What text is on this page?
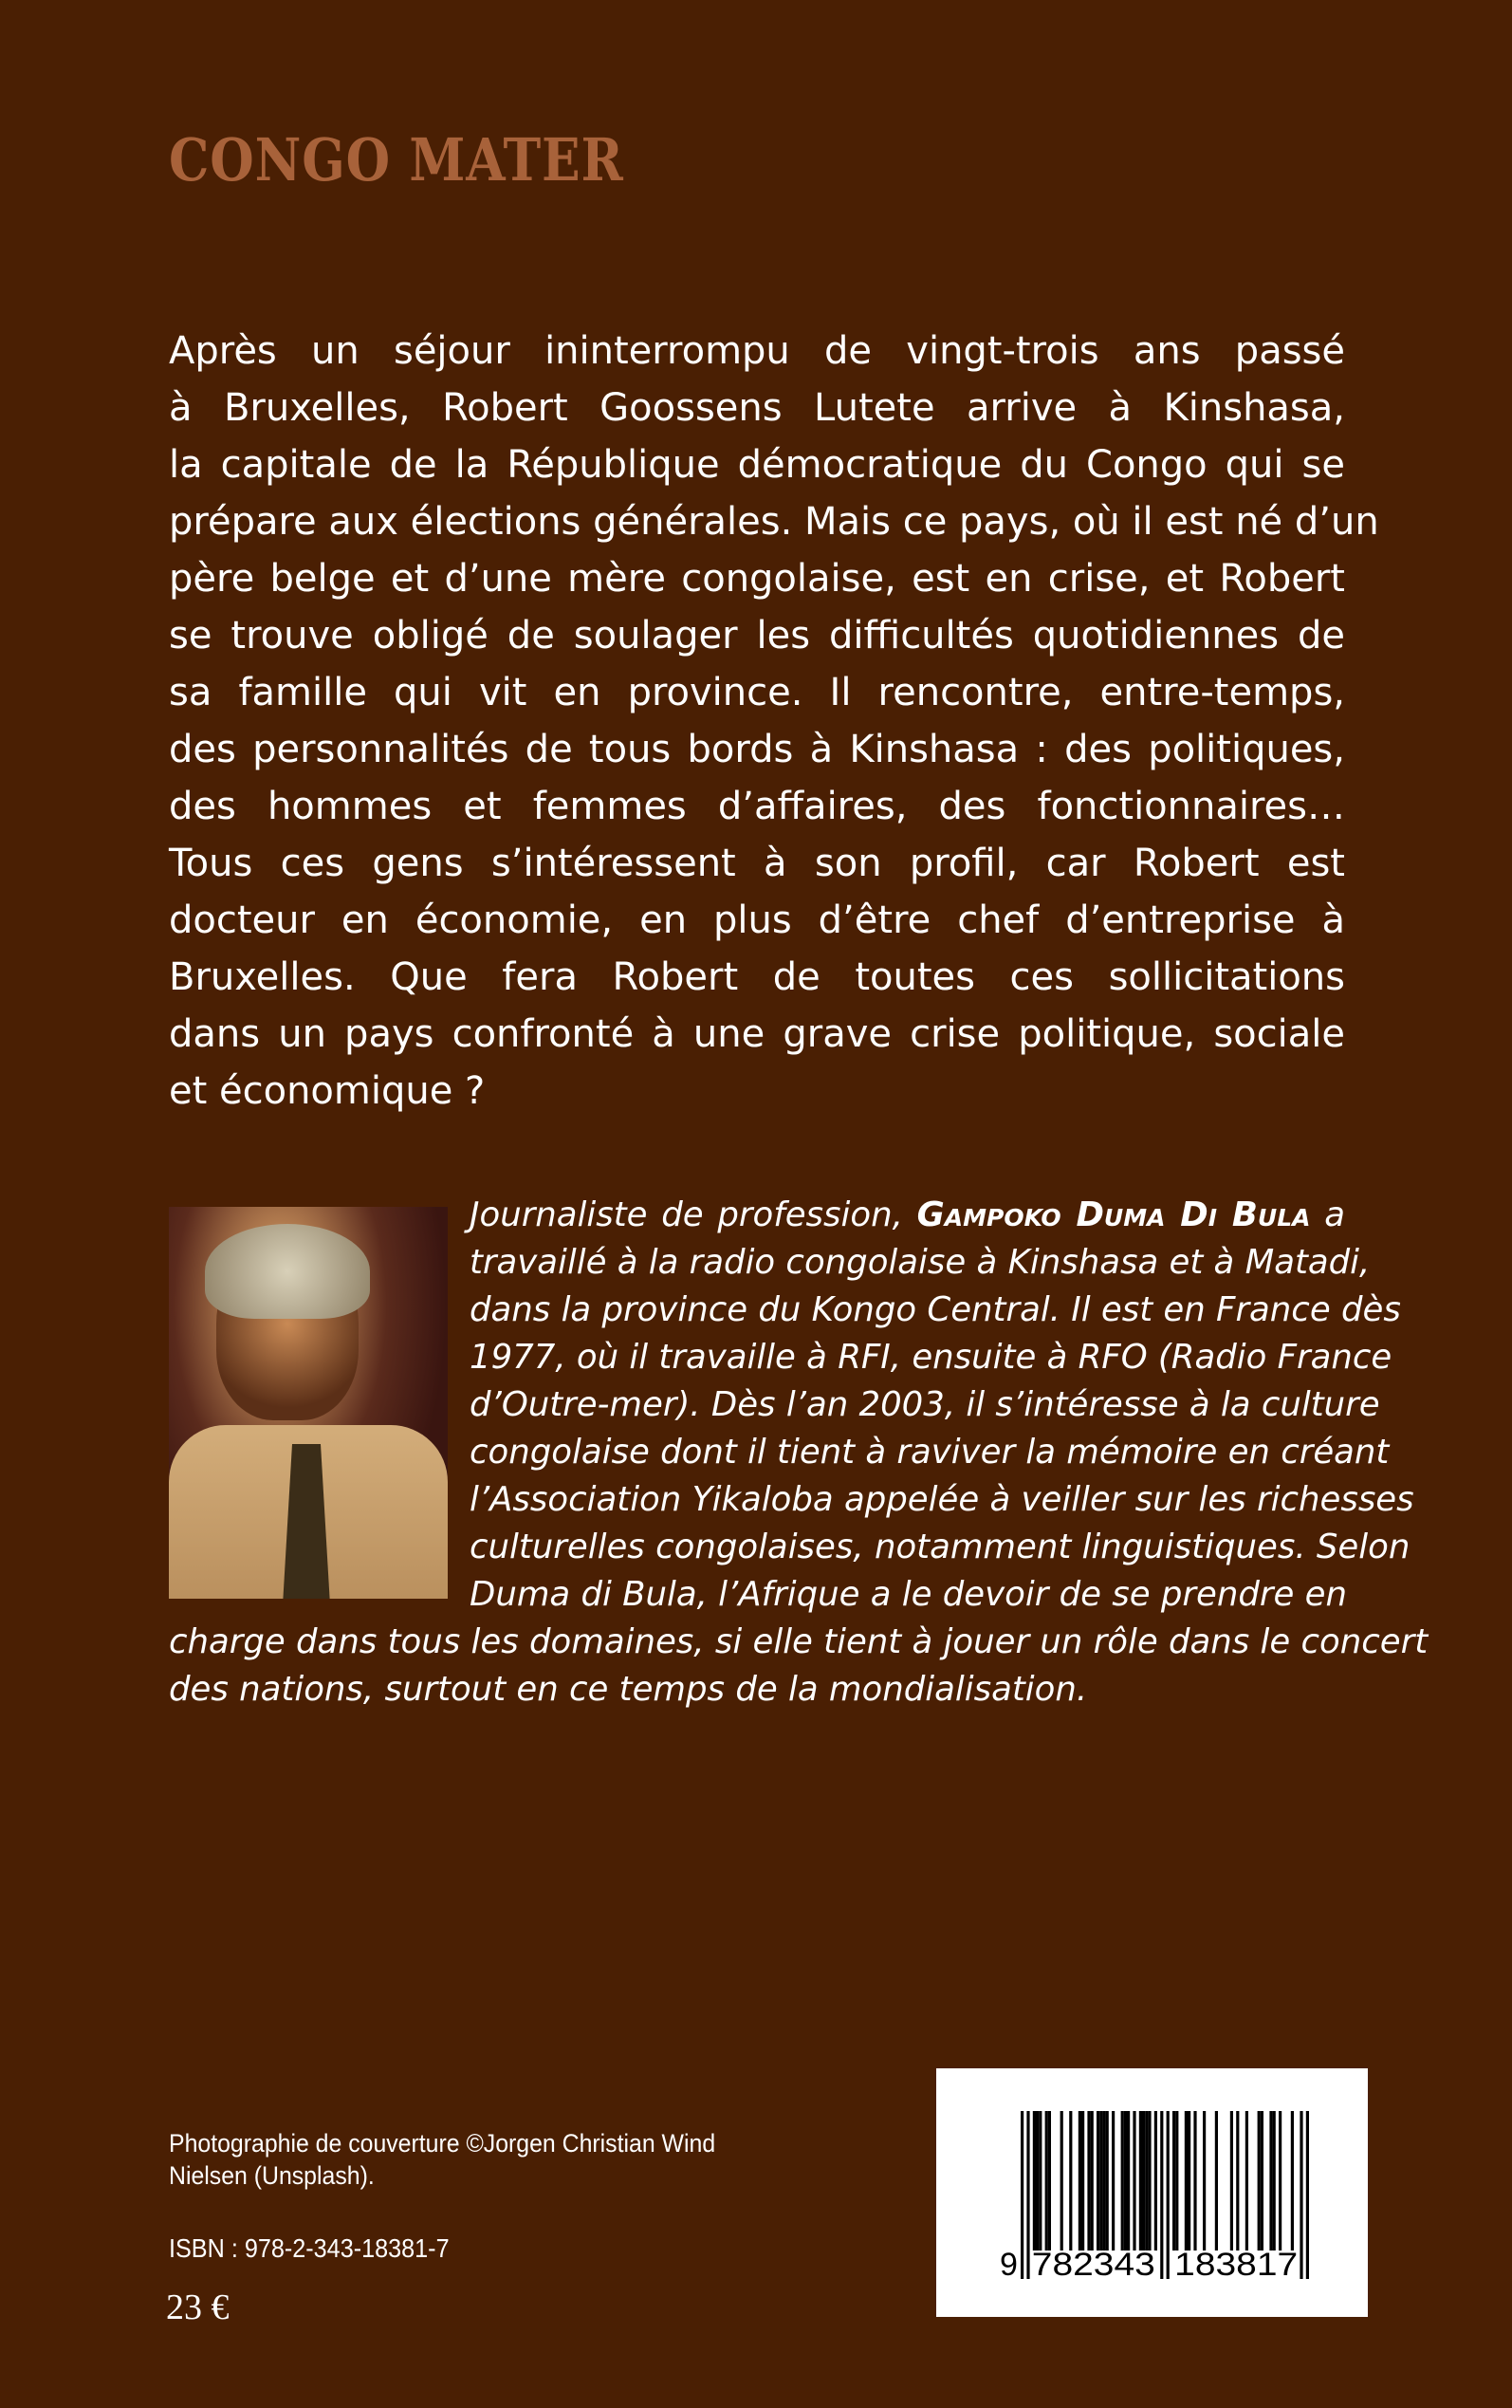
CONGO MATER
Après un séjour ininterrompu de vingt-trois ans passé
à Bruxelles, Robert Goossens Lutete arrive à Kinshasa,
la capitale de la République démocratique du Congo qui se
prépare aux élections générales. Mais ce pays, où il est né d’un
père belge et d’une mère congolaise, est en crise, et Robert
se trouve obligé de soulager les difficultés quotidiennes de
sa famille qui vit en province. Il rencontre, entre-temps,
des personnalités de tous bords à Kinshasa : des politiques,
des hommes et femmes d’affaires, des fonctionnaires…
Tous ces gens s’intéressent à son profil, car Robert est
docteur en économie, en plus d’être chef d’entreprise à
Bruxelles. Que fera Robert de toutes ces sollicitations
dans un pays confronté à une grave crise politique, sociale
et économique ?
Journaliste de profession, Gampoko Duma Di Bula a
travaillé à la radio congolaise à Kinshasa et à Matadi,
dans la province du Kongo Central. Il est en France dès
1977, où il travaille à RFI, ensuite à RFO (Radio France
d’Outre-mer). Dès l’an 2003, il s’intéresse à la culture
congolaise dont il tient à raviver la mémoire en créant
l’Association Yikaloba appelée à veiller sur les richesses
culturelles congolaises, notamment linguistiques. Selon
Duma di Bula, l’Afrique a le devoir de se prendre en
charge dans tous les domaines, si elle tient à jouer un rôle dans le concert
des nations, surtout en ce temps de la mondialisation.
Photographie de couverture ©Jorgen Christian Wind
Nielsen (Unsplash).
ISBN : 978-2-343-18381-7
23 €
9 782343 183817
